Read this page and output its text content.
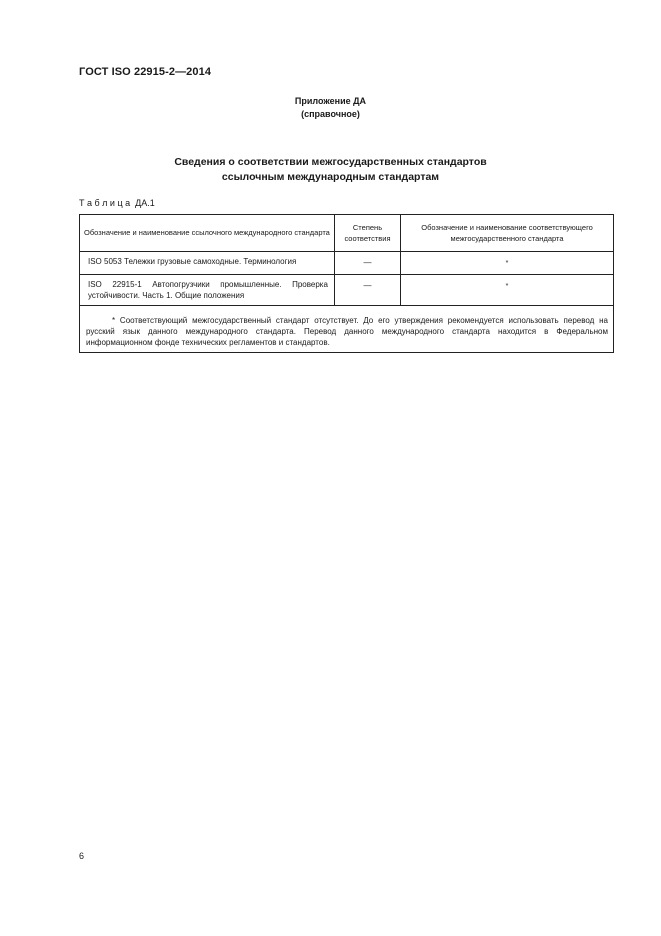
ГОСТ ISO 22915-2—2014
Приложение ДА
(справочное)
Сведения о соответствии межгосударственных стандартов
ссылочным международным стандартам
Т а б л и ц а  ДА.1
Обозначение и наименование ссылочного международного стандарта	Степень соответствия	Обозначение и наименование соответствующего межгосударственного стандарта
ISO 5053 Тележки грузовые самоходные. Терминология	—	*
ISO 22915-1 Автопогрузчики промышленные. Проверка устойчивости. Часть 1. Общие положения	—	*
* Соответствующий межгосударственный стандарт отсутствует. До его утверждения рекомендуется использовать перевод на русский язык данного международного стандарта. Перевод данного международного стандарта находится в Федеральном информационном фонде технических регламентов и стандартов.		
6
